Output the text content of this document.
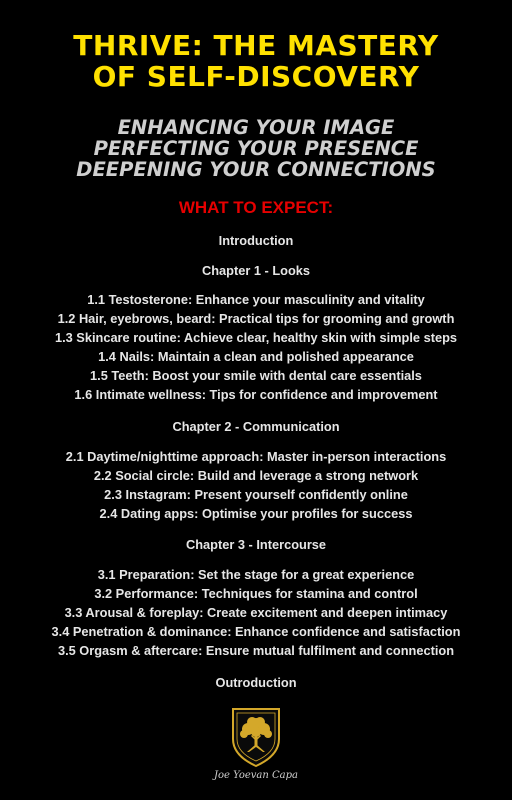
THRIVE: THE MASTERY
OF SELF-DISCOVERY
ENHANCING YOUR IMAGE
PERFECTING YOUR PRESENCE
DEEPENING YOUR CONNECTIONS
WHAT TO EXPECT:
Introduction
Chapter 1 - Looks
1.1 Testosterone: Enhance your masculinity and vitality
1.2 Hair, eyebrows, beard: Practical tips for grooming and growth
1.3 Skincare routine: Achieve clear, healthy skin with simple steps
1.4 Nails: Maintain a clean and polished appearance
1.5 Teeth: Boost your smile with dental care essentials
1.6 Intimate wellness: Tips for confidence and improvement
Chapter 2 - Communication
2.1 Daytime/nighttime approach: Master in-person interactions
2.2 Social circle: Build and leverage a strong network
2.3 Instagram: Present yourself confidently online
2.4 Dating apps: Optimise your profiles for success
Chapter 3 - Intercourse
3.1 Preparation: Set the stage for a great experience
3.2 Performance: Techniques for stamina and control
3.3 Arousal & foreplay: Create excitement and deepen intimacy
3.4 Penetration & dominance: Enhance confidence and satisfaction
3.5 Orgasm & aftercare: Ensure mutual fulfilment and connection
Outroduction
Joe Yoevan Capa
